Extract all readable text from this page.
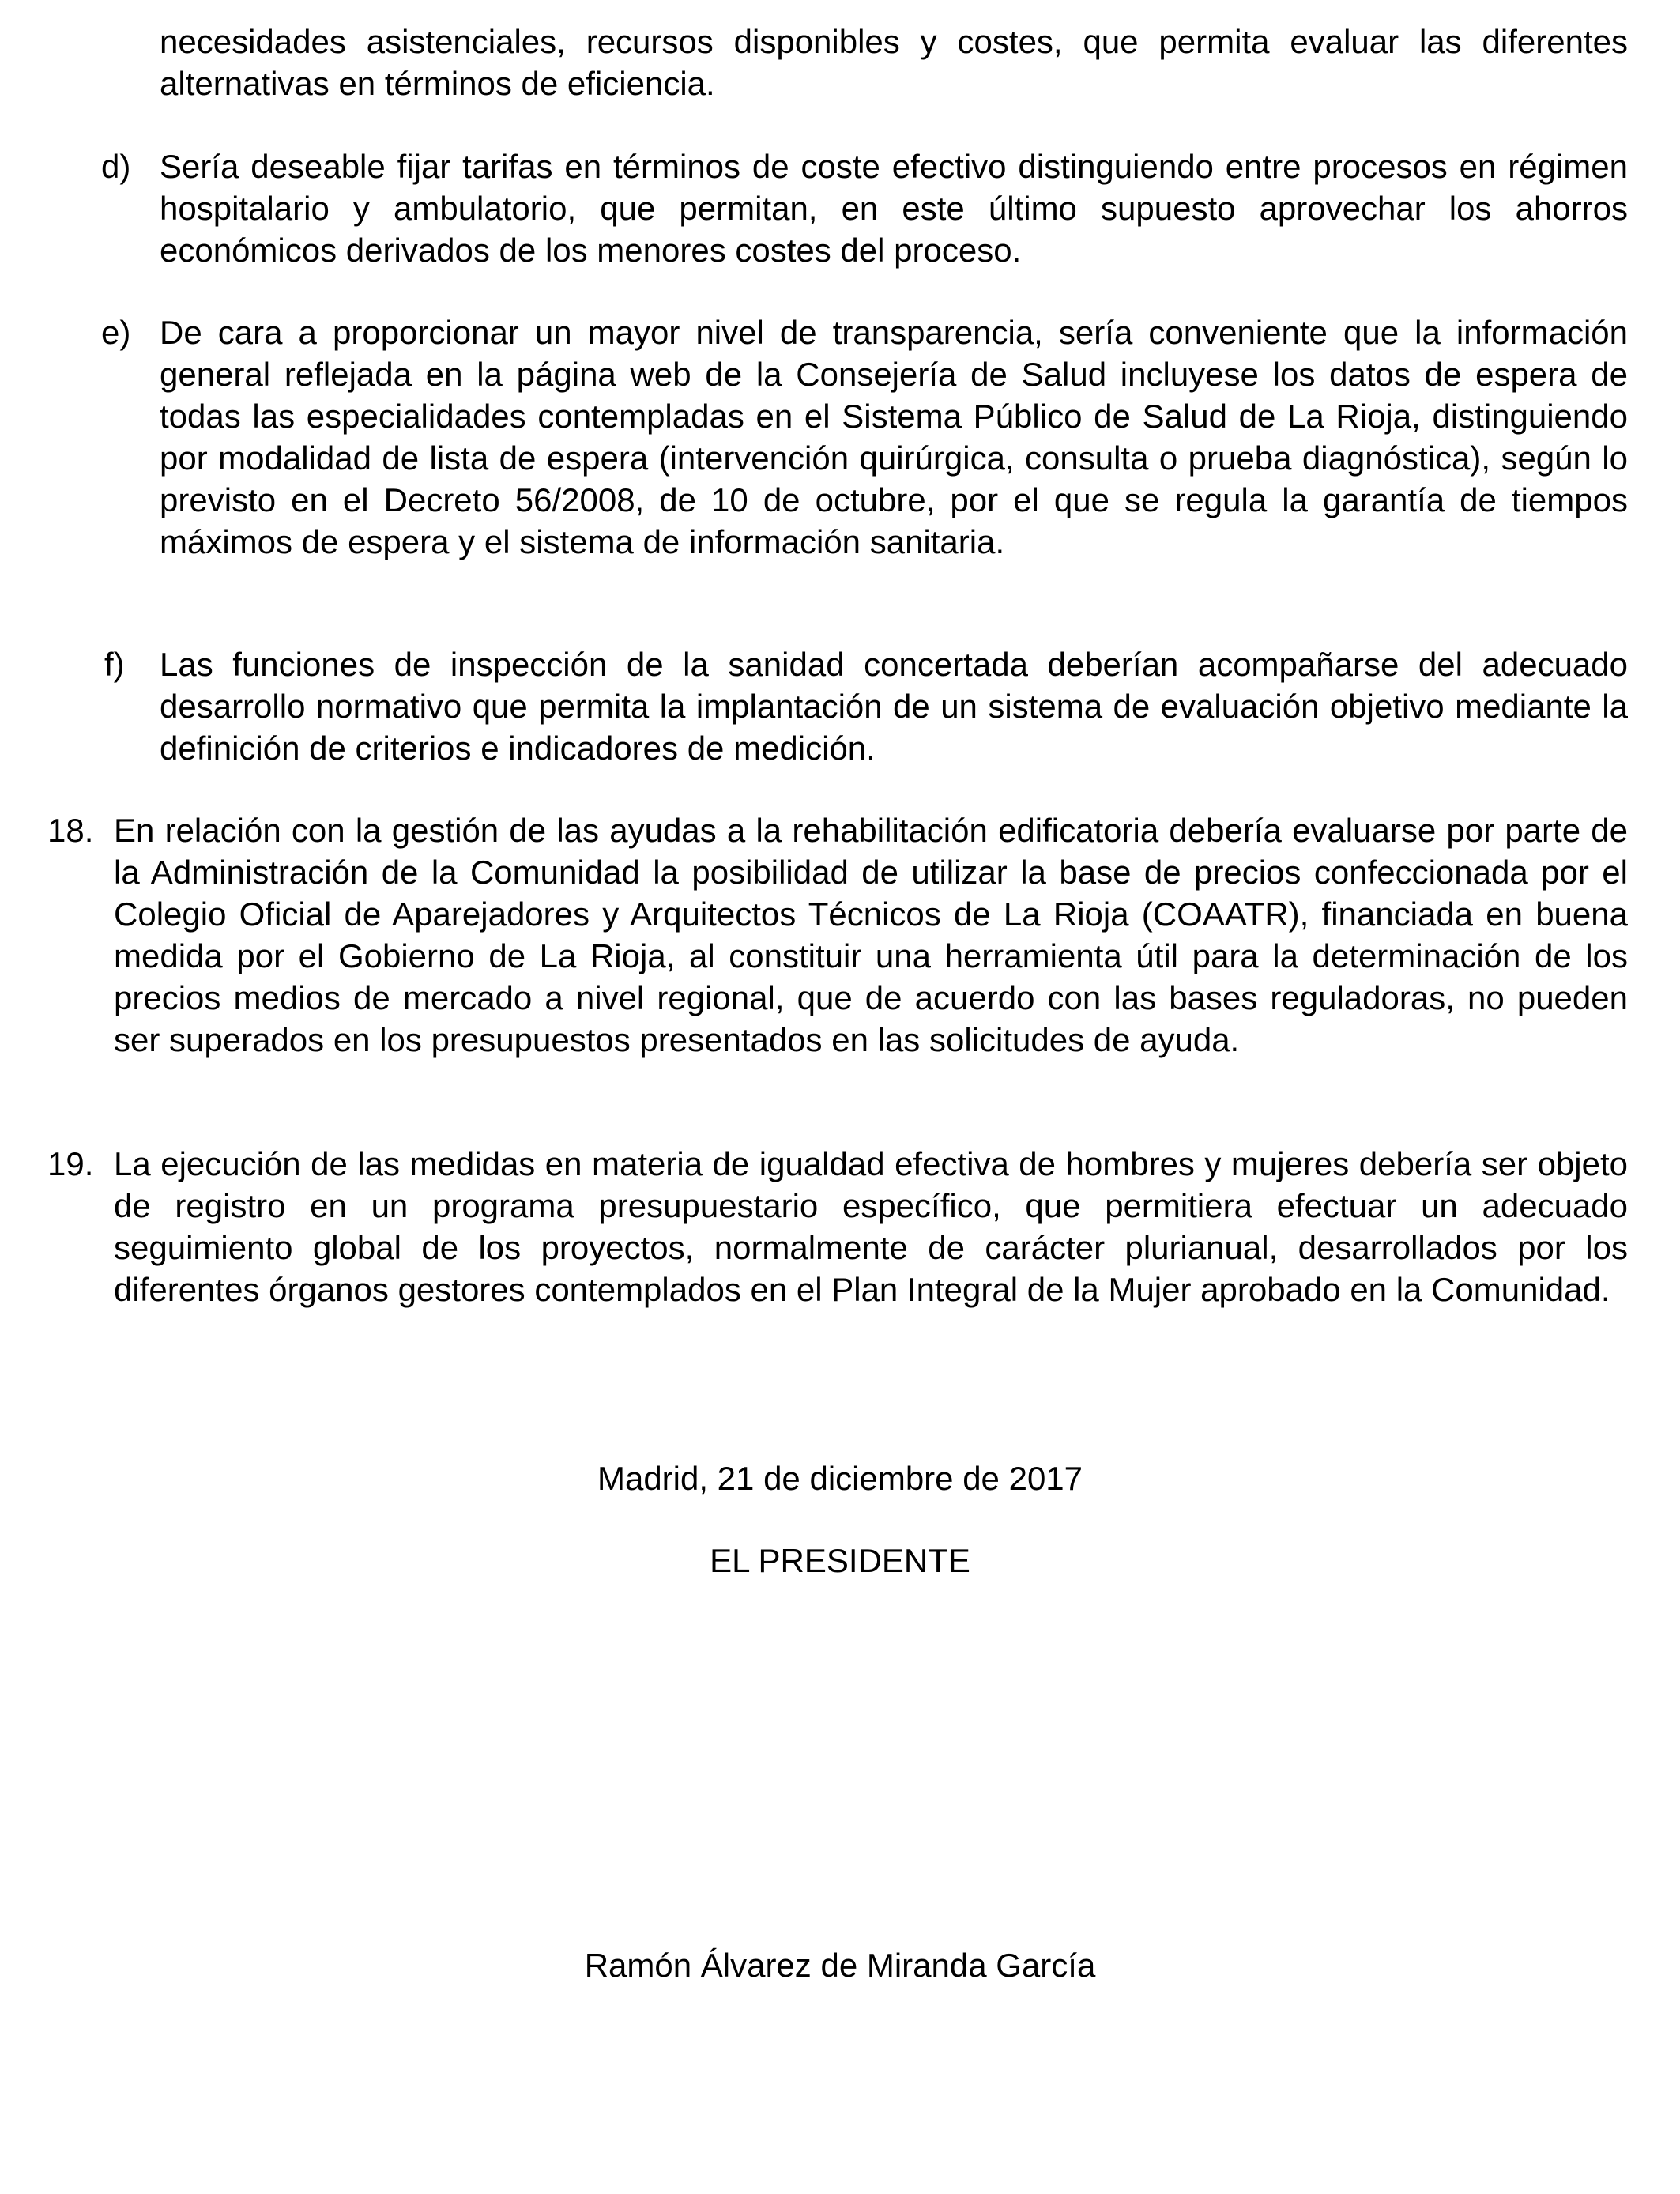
necesidades asistenciales, recursos disponibles y costes, que permita evaluar las diferentes alternativas en términos de eficiencia.

d) Sería deseable fijar tarifas en términos de coste efectivo distinguiendo entre procesos en régimen hospitalario y ambulatorio, que permitan, en este último supuesto aprovechar los ahorros económicos derivados de los menores costes del proceso.

e) De cara a proporcionar un mayor nivel de transparencia, sería conveniente que la información general reflejada en la página web de la Consejería de Salud incluyese los datos de espera de todas las especialidades contempladas en el Sistema Público de Salud de La Rioja, distinguiendo por modalidad de lista de espera (intervención quirúrgica, consulta o prueba diagnóstica), según lo previsto en el Decreto 56/2008, de 10 de octubre, por el que se regula la garantía de tiempos máximos de espera y el sistema de información sanitaria.

f) Las funciones de inspección de la sanidad concertada deberían acompañarse del adecuado desarrollo normativo que permita la implantación de un sistema de evaluación objetivo mediante la definición de criterios e indicadores de medición.

18. En relación con la gestión de las ayudas a la rehabilitación edificatoria debería evaluarse por parte de la Administración de la Comunidad la posibilidad de utilizar la base de precios confeccionada por el Colegio Oficial de Aparejadores y Arquitectos Técnicos de La Rioja (COAATR), financiada en buena medida por el Gobierno de La Rioja, al constituir una herramienta útil para la determinación de los precios medios de mercado a nivel regional, que de acuerdo con las bases reguladoras, no pueden ser superados en los presupuestos presentados en las solicitudes de ayuda.

19. La ejecución de las medidas en materia de igualdad efectiva de hombres y mujeres debería ser objeto de registro en un programa presupuestario específico, que permitiera efectuar un adecuado seguimiento global de los proyectos, normalmente de carácter plurianual, desarrollados por los diferentes órganos gestores contemplados en el Plan Integral de la Mujer aprobado en la Comunidad.

Madrid, 21 de diciembre de 2017

EL PRESIDENTE

Ramón Álvarez de Miranda García
